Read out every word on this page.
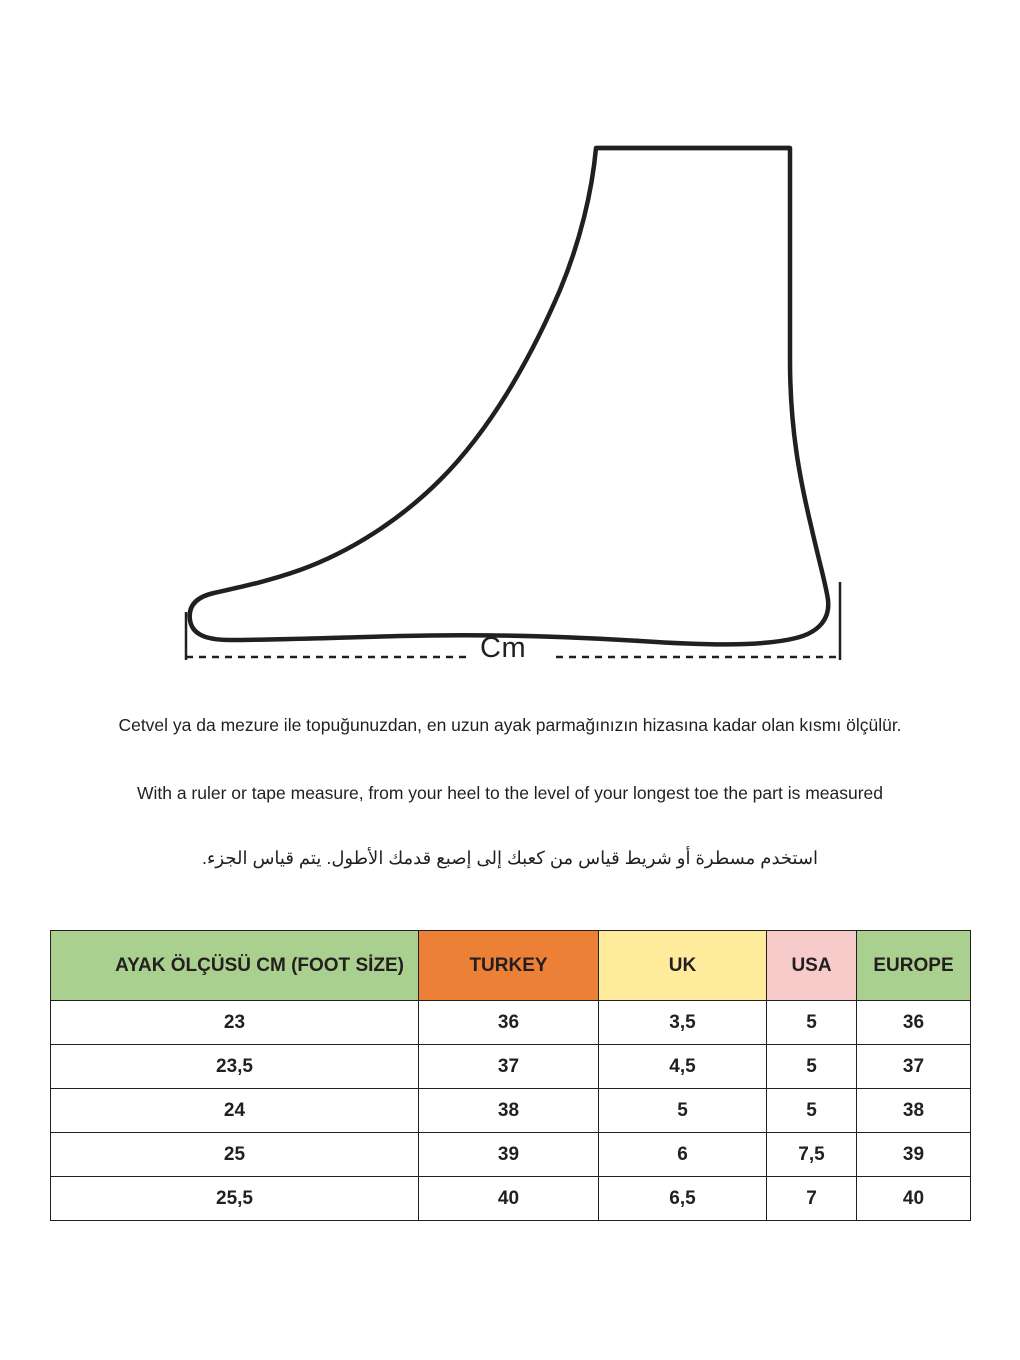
Cm

Cetvel ya da mezure ile topuğunuzdan, en uzun ayak parmağınızın hizasına kadar olan kısmı ölçülür.

With a ruler or tape measure, from your heel to the level of your longest toe the part is measured

استخدم مسطرة أو شريط قياس من كعبك إلى إصبع قدمك الأطول. يتم قياس الجزء.

AYAK ÖLÇÜSÜ CM (FOOT SİZE)	TURKEY	UK	USA	EUROPE
23	36	3,5	5	36
23,5	37	4,5	5	37
24	38	5	5	38
25	39	6	7,5	39
25,5	40	6,5	7	40
